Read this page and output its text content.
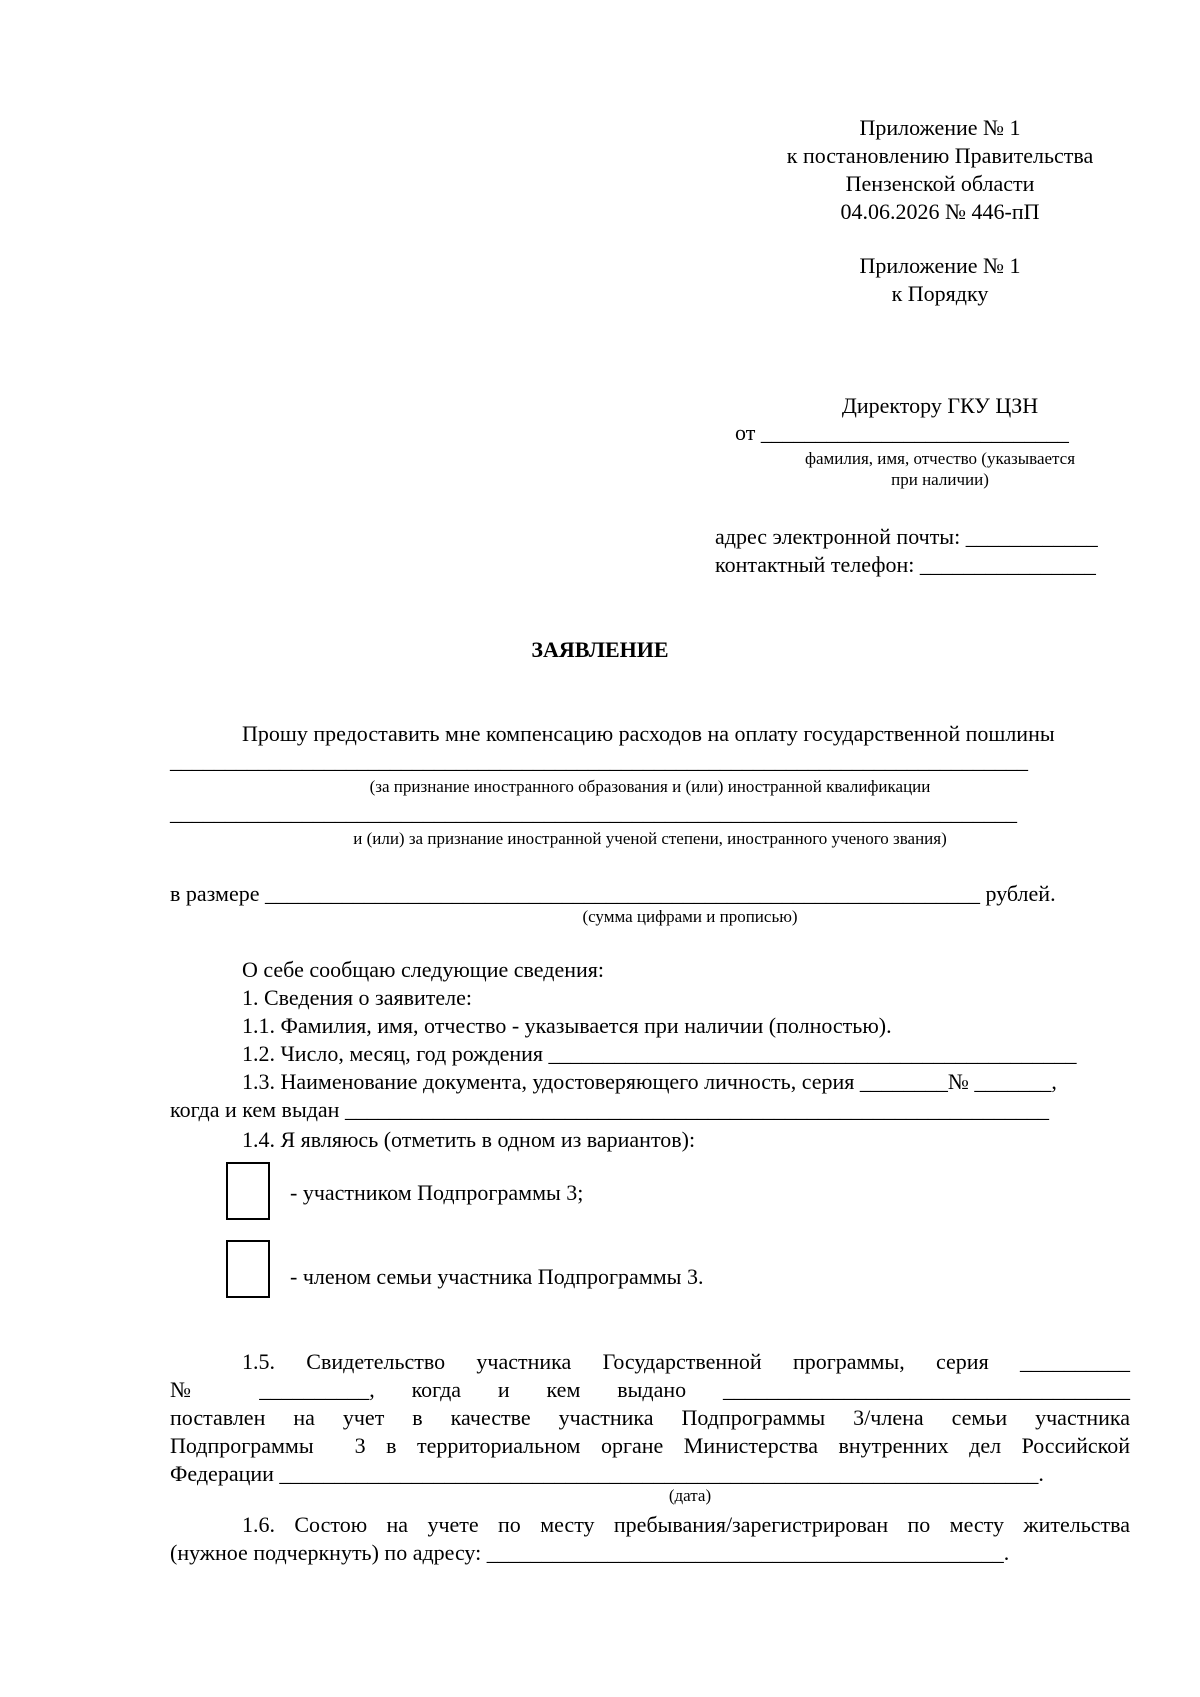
Приложение № 1
к постановлению Правительства
Пензенской области
04.06.2026 № 446-пП
Приложение № 1
к Порядку
Директору ГКУ ЦЗН
от ____________________________
фамилия, имя, отчество (указывается
при наличии)
адрес электронной почты: ____________
контактный телефон: ________________
ЗАЯВЛЕНИЕ
Прошу предоставить мне компенсацию расходов на оплату государственной пошлины
______________________________________________________________________________
(за признание иностранного образования и (или) иностранной квалификации
_____________________________________________________________________________
и (или) за признание иностранной ученой степени, иностранного ученого звания)
в размере _________________________________________________________________ рублей.
(сумма цифрами и прописью)
О себе сообщаю следующие сведения:
1. Сведения о заявителе:
1.1. Фамилия, имя, отчество - указывается при наличии (полностью).
1.2. Число, месяц, год рождения ________________________________________________
1.3. Наименование документа, удостоверяющего личность, серия ________№ _______,
когда и кем выдан ________________________________________________________________
1.4. Я являюсь (отметить в одном из вариантов):
- участником Подпрограммы 3;
- членом семьи участника Подпрограммы 3.
1.5. Свидетельство участника Государственной программы, серия __________
№ __________, когда и кем выдано _____________________________________
поставлен на учет в качестве участника Подпрограммы 3/члена семьи участника
Подпрограммы  3 в территориальном органе Министерства внутренних дел Российской
Федерации _____________________________________________________________________.
(дата)
1.6. Состою на учете по месту пребывания/зарегистрирован по месту жительства
(нужное подчеркнуть) по адресу: _______________________________________________.
